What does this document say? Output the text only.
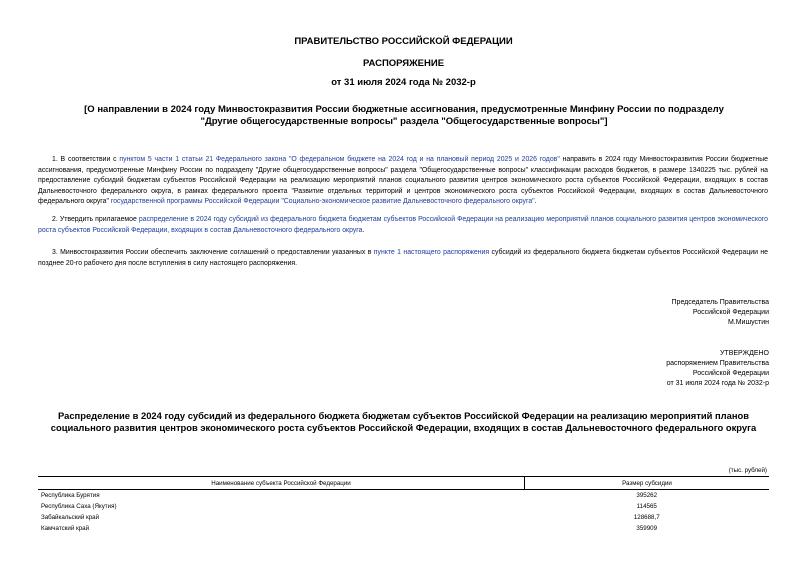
ПРАВИТЕЛЬСТВО РОССИЙСКОЙ ФЕДЕРАЦИИ
РАСПОРЯЖЕНИЕ
от 31 июля 2024 года № 2032-р
[О направлении в 2024 году Минвостокразвития России бюджетные ассигнования, предусмотренные Минфину России по подразделу "Другие общегосударственные вопросы" раздела "Общегосударственные вопросы"]
1. В соответствии с пунктом 5 части 1 статьи 21 Федерального закона "О федеральном бюджете на 2024 год и на плановый период 2025 и 2026 годов" направить в 2024 году Минвостокразвития России бюджетные ассигнования, предусмотренные Минфину России по подразделу "Другие общегосударственные вопросы" раздела "Общегосударственные вопросы" классификации расходов бюджетов, в размере 1340225 тыс. рублей на предоставление субсидий бюджетам субъектов Российской Федерации на реализацию мероприятий планов социального развития центров экономического роста субъектов Российской Федерации, входящих в состав Дальневосточного федерального округа, в рамках федерального проекта "Развитие отдельных территорий и центров экономического роста субъектов Российской Федерации, входящих в состав Дальневосточного федерального округа" государственной программы Российской Федерации "Социально-экономическое развитие Дальневосточного федерального округа".
2. Утвердить прилагаемое распределение в 2024 году субсидий из федерального бюджета бюджетам субъектов Российской Федерации на реализацию мероприятий планов социального развития центров экономического роста субъектов Российской Федерации, входящих в состав Дальневосточного федерального округа.
3. Минвостокразвития России обеспечить заключение соглашений о предоставлении указанных в пункте 1 настоящего распоряжения субсидий из федерального бюджета бюджетам субъектов Российской Федерации не позднее 20-го рабочего дня после вступления в силу настоящего распоряжения.
Председатель Правительства
Российской Федерации
М.Мишустин
УТВЕРЖДЕНО
распоряжением Правительства
Российской Федерации
от 31 июля 2024 года № 2032-р
Распределение в 2024 году субсидий из федерального бюджета бюджетам субъектов Российской Федерации на реализацию мероприятий планов социального развития центров экономического роста субъектов Российской Федерации, входящих в состав Дальневосточного федерального округа
(тыс. рублей)
Наименование субъекта Российской Федерации	Размер субсидии
Республика Бурятия	395262
Республика Саха (Якутия)	114565
Забайкальский край	128688,7
Камчатский край	359909
